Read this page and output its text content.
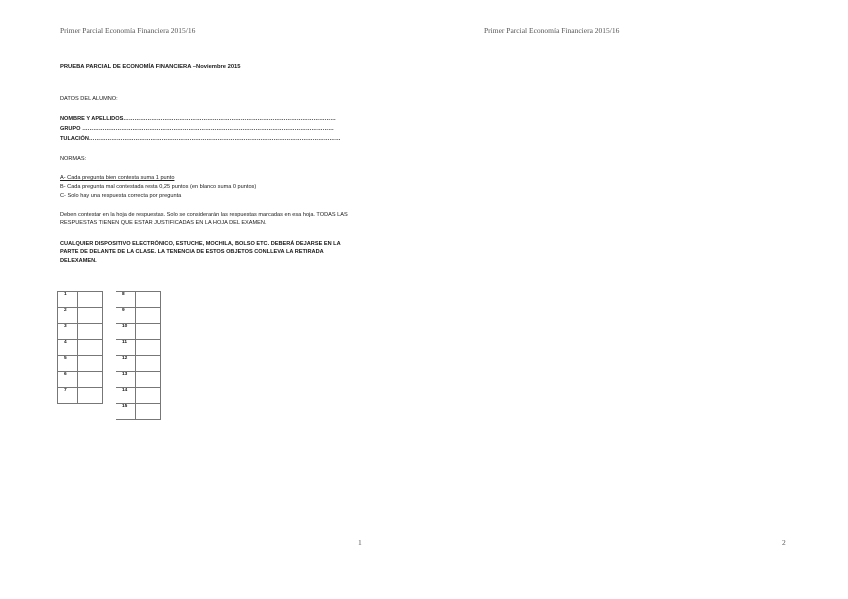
Primer Parcial Economía Financiera 2015/16	Primer Parcial Economía Financiera 2015/16
PRUEBA PARCIAL DE ECONOMÍA FINANCIERA –Noviembre 2015
DATOS DEL ALUMNO:
NOMBRE Y APELLIDOS……………………………………………………………………………………………………
GRUPO ………………………………………………………………………………………………………………………
TULACIÓN………………………………………………………………………………………………………………………
NORMAS:
A- Cada pregunta bien contesta suma 1 punto
B- Cada pregunta mal contestada resta 0,25 puntos (en blanco suma 0 puntos)
C- Solo hay una respuesta correcta por pregunta
Deben contestar en la hoja de respuestas. Solo se considerarán las respuestas marcadas en esa hoja. TODAS LAS RESPUESTAS TIENEN QUE ESTAR JUSTIFICADAS EN LA HOJA DEL EXAMEN.
CUALQUIER DISPOSITIVO ELECTRÓNICO, ESTUCHE, MOCHILA, BOLSO ETC. DEBERÁ DEJARSE EN LA PARTE DE DELANTE DE LA CLASE. LA TENENCIA DE ESTOS OBJETOS CONLLEVA LA RETIRADA DELEXAMEN.
1			8	
2			9	
3			10	
4			11	
5			12	
6			13	
7			14	
			15	
1	2
